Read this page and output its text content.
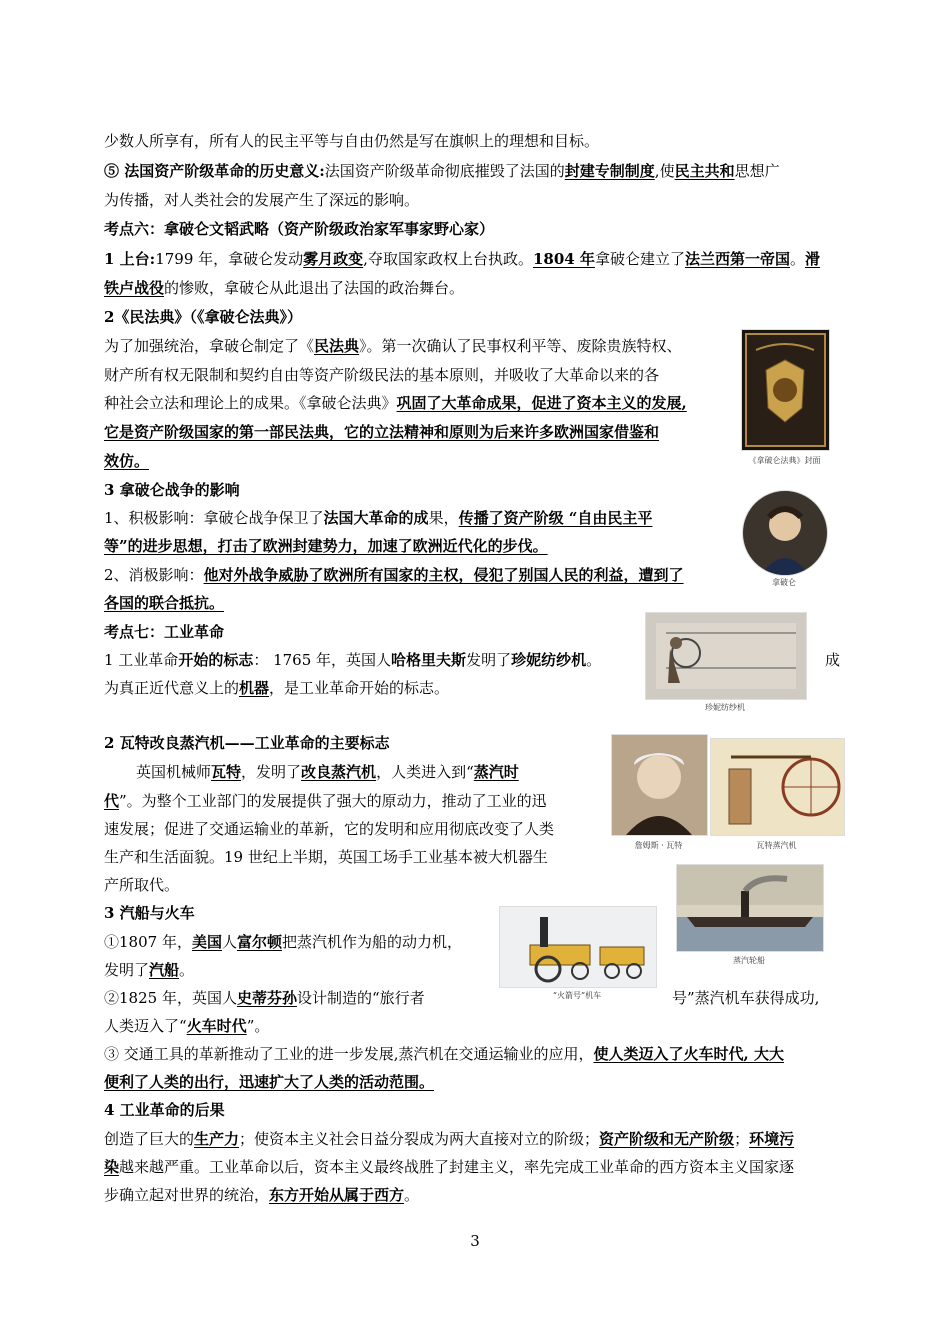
少数人所享有，所有人的民主平等与自由仍然是写在旗帜上的理想和目标。
⑤ 法国资产阶级革命的历史意义:法国资产阶级革命彻底摧毁了法国的封建专制制度,使民主共和思想广
为传播，对人类社会的发展产生了深远的影响。
考点六：拿破仑文韬武略（资产阶级政治家军事家野心家）
1 上台:1799 年，拿破仑发动雾月政变,夺取国家政权上台执政。1804 年拿破仑建立了法兰西第一帝国。滑
铁卢战役的惨败，拿破仑从此退出了法国的政治舞台。
2《民法典》（《拿破仑法典》）
为了加强统治，拿破仑制定了《民法典》。第一次确认了民事权利平等、废除贵族特权、
财产所有权无限制和契约自由等资产阶级民法的基本原则，并吸收了大革命以来的各
种社会立法和理论上的成果。《拿破仑法典》巩固了大革命成果，促进了资本主义的发展,
它是资产阶级国家的第一部民法典，它的立法精神和原则为后来许多欧洲国家借鉴和
效仿。
3 拿破仑战争的影响
1、积极影响：拿破仑战争保卫了法国大革命的成果，传播了资产阶级 “自由民主平
等”的进步思想，打击了欧洲封建势力，加速了欧洲近代化的步伐。
2、消极影响：他对外战争威胁了欧洲所有国家的主权，侵犯了别国人民的利益，遭到了
各国的联合抵抗。
考点七：工业革命
1 工业革命开始的标志： 1765 年，英国人哈格里夫斯发明了珍妮纺纱机。	成
为真正近代意义上的机器，是工业革命开始的标志。
2 瓦特改良蒸汽机——工业革命的主要标志
英国机械师瓦特，发明了改良蒸汽机，人类进入到“蒸汽时
代”。为整个工业部门的发展提供了强大的原动力，推动了工业的迅
速发展；促进了交通运输业的革新，它的发明和应用彻底改变了人类
生产和生活面貌。19 世纪上半期，英国工场手工业基本被大机器生
产所取代。
3 汽船与火车
①1807 年，美国人富尔顿把蒸汽机作为船的动力机，
发明了汽船。
②1825 年，英国人史蒂芬孙设计制造的“旅行者	号”蒸汽机车获得成功,
人类迈入了“火车时代”。
③ 交通工具的革新推动了工业的进一步发展,蒸汽机在交通运输业的应用，使人类迈入了火车时代, 大大
便利了人类的出行，迅速扩大了人类的活动范围。
4 工业革命的后果
创造了巨大的生产力；使资本主义社会日益分裂成为两大直接对立的阶级；资产阶级和无产阶级；环境污
染越来越严重。工业革命以后，资本主义最终战胜了封建主义，率先完成工业革命的西方资本主义国家逐
步确立起对世界的统治，东方开始从属于西方。
《拿破仑法典》封面
拿破仑
珍妮纺纱机
詹姆斯 · 瓦特	瓦特蒸汽机
蒸汽轮船
“火箭号”机车
3
